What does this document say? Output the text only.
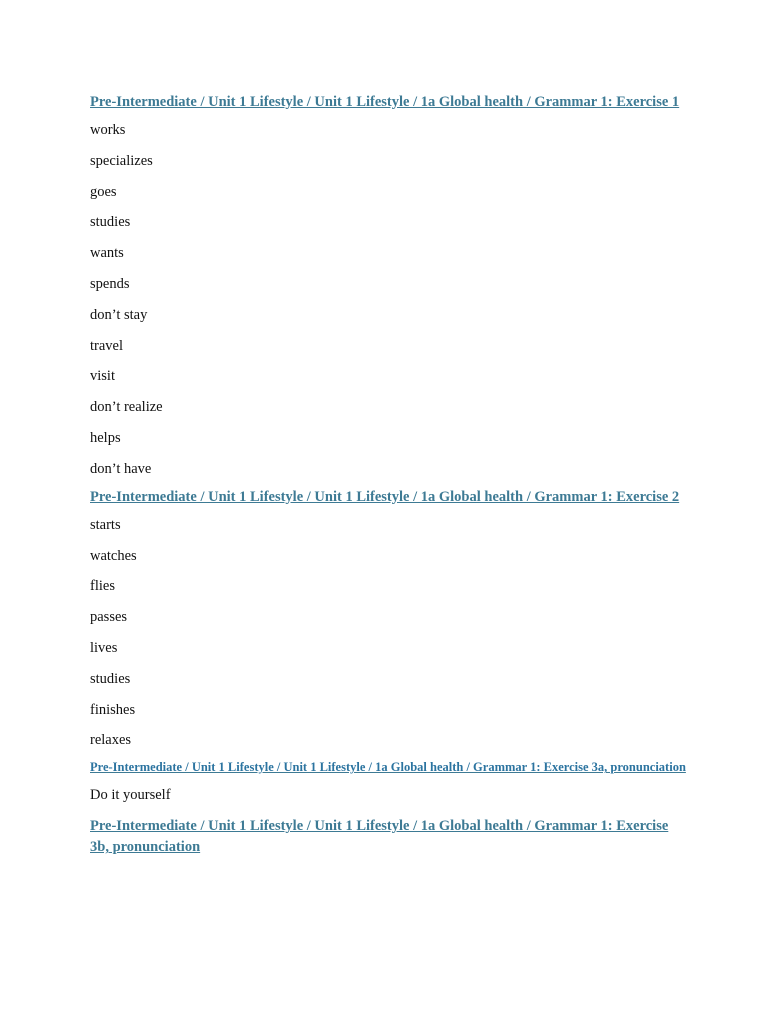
Pre-Intermediate / Unit 1 Lifestyle / Unit 1 Lifestyle / 1a Global health / Grammar 1: Exercise 1
works
specializes
goes
studies
wants
spends
don’t stay
travel
visit
don’t realize
helps
don’t have
Pre-Intermediate / Unit 1 Lifestyle / Unit 1 Lifestyle / 1a Global health / Grammar 1: Exercise 2
starts
watches
flies
passes
lives
studies
finishes
relaxes
Pre-Intermediate / Unit 1 Lifestyle / Unit 1 Lifestyle / 1a Global health / Grammar 1: Exercise 3a, pronunciation
Do it yourself
Pre-Intermediate / Unit 1 Lifestyle / Unit 1 Lifestyle / 1a Global health / Grammar 1: Exercise 3b, pronunciation
